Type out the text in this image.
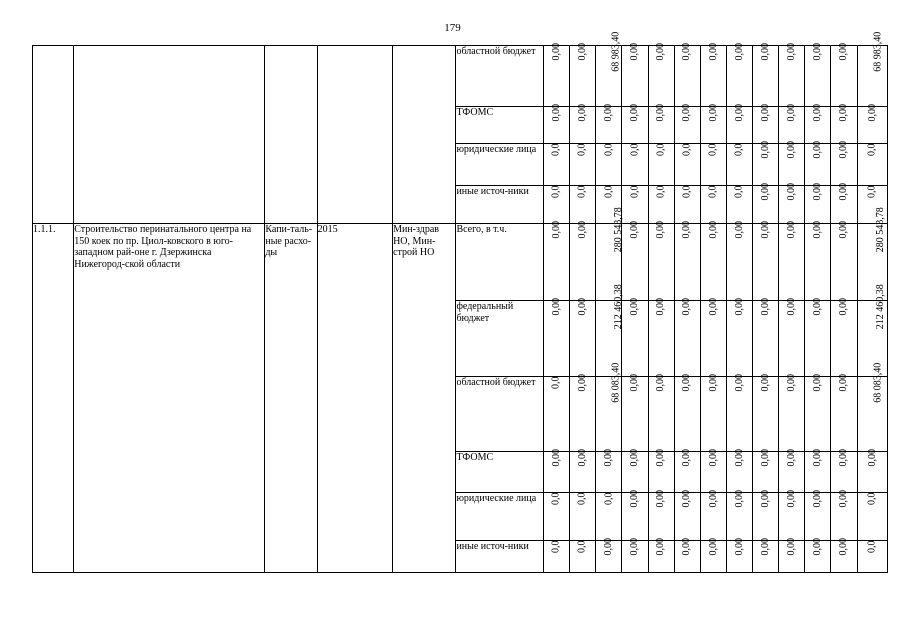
179
					областной бюджет	0,00	0,00	68 983,40	0,00	0,00	0,00	0,00	0,00	0,00	0,00	0,00	0,00	68 983,40
					ТФОМС	0,00	0,00	0,00	0,00	0,00	0,00	0,00	0,00	0,00	0,00	0,00	0,00	0,00
					юридические лица	0,0	0,0	0,0	0,0	0,0	0,0	0,0	0,0	0,00	0,00	0,00	0,00	0,0
					иные источ-ники	0,0	0,0	0,0	0,0	0,0	0,0	0,0	0,0	0,00	0,00	0,00	0,00	0,0
1.1.1.	Строительство перинатального центра на 150 коек по пр. Циол-ковского в юго-западном рай-оне г. Дзержинска Нижегород-ской области	Капи-таль-ные расхо-ды	2015	Мин-здрав НО, Мин-строй НО	Всего, в т.ч.	0,00	0,00	280 543,78	0,00	0,00	0,00	0,00	0,00	0,00	0,00	0,00	0,00	280 543,78
					федеральный бюджет	0,00	0,00	212 460,38	0,00	0,00	0,00	0,00	0,00	0,00	0,00	0,00	0,00	212 460,38
					областной бюджет	0,0	0,00	68 083,40	0,00	0,00	0,00	0,00	0,00	0,00	0,00	0,00	0,00	68 083,40
					ТФОМС	0,00	0,00	0,00	0,00	0,00	0,00	0,00	0,00	0,00	0,00	0,00	0,00	0,00
					юридические лица	0,0	0,0	0,0	0,00	0,00	0,00	0,00	0,00	0,00	0,00	0,00	0,00	0,0
					иные источ-ники	0,0	0,0	0,00	0,00	0,00	0,00	0,00	0,00	0,00	0,00	0,00	0,00	0,0
